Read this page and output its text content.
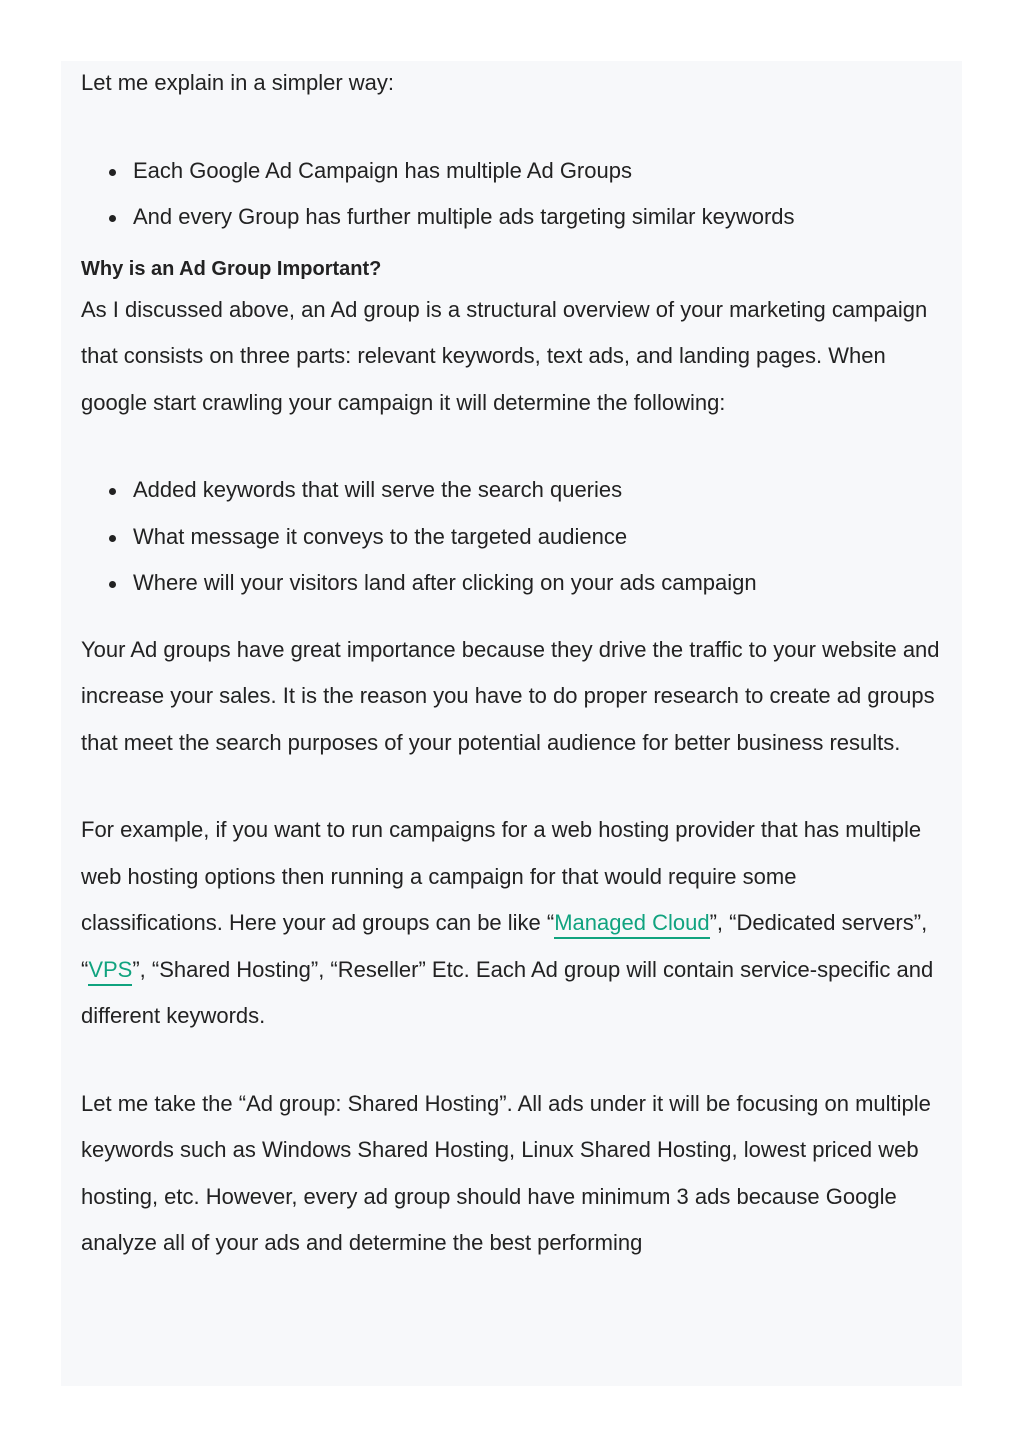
Let me explain in a simpler way:

Each Google Ad Campaign has multiple Ad Groups
And every Group has further multiple ads targeting similar keywords
Why is an Ad Group Important?

As I discussed above, an Ad group is a structural overview of your marketing campaign that consists on three parts: relevant keywords, text ads, and landing pages. When google start crawling your campaign it will determine the following:

Added keywords that will serve the search queries
What message it conveys to the targeted audience
Where will your visitors land after clicking on your ads campaign

Your Ad groups have great importance because they drive the traffic to your website and increase your sales. It is the reason you have to do proper research to create ad groups that meet the search purposes of your potential audience for better business results.

For example, if you want to run campaigns for a web hosting provider that has multiple web hosting options then running a campaign for that would require some classifications. Here your ad groups can be like “Managed Cloud”, “Dedicated servers”, “VPS”, “Shared Hosting”, “Reseller” Etc. Each Ad group will contain service-specific and different keywords.

Let me take the “Ad group: Shared Hosting”. All ads under it will be focusing on multiple keywords such as Windows Shared Hosting, Linux Shared Hosting, lowest priced web hosting, etc. However, every ad group should have minimum 3 ads because Google analyze all of your ads and determine the best performing
